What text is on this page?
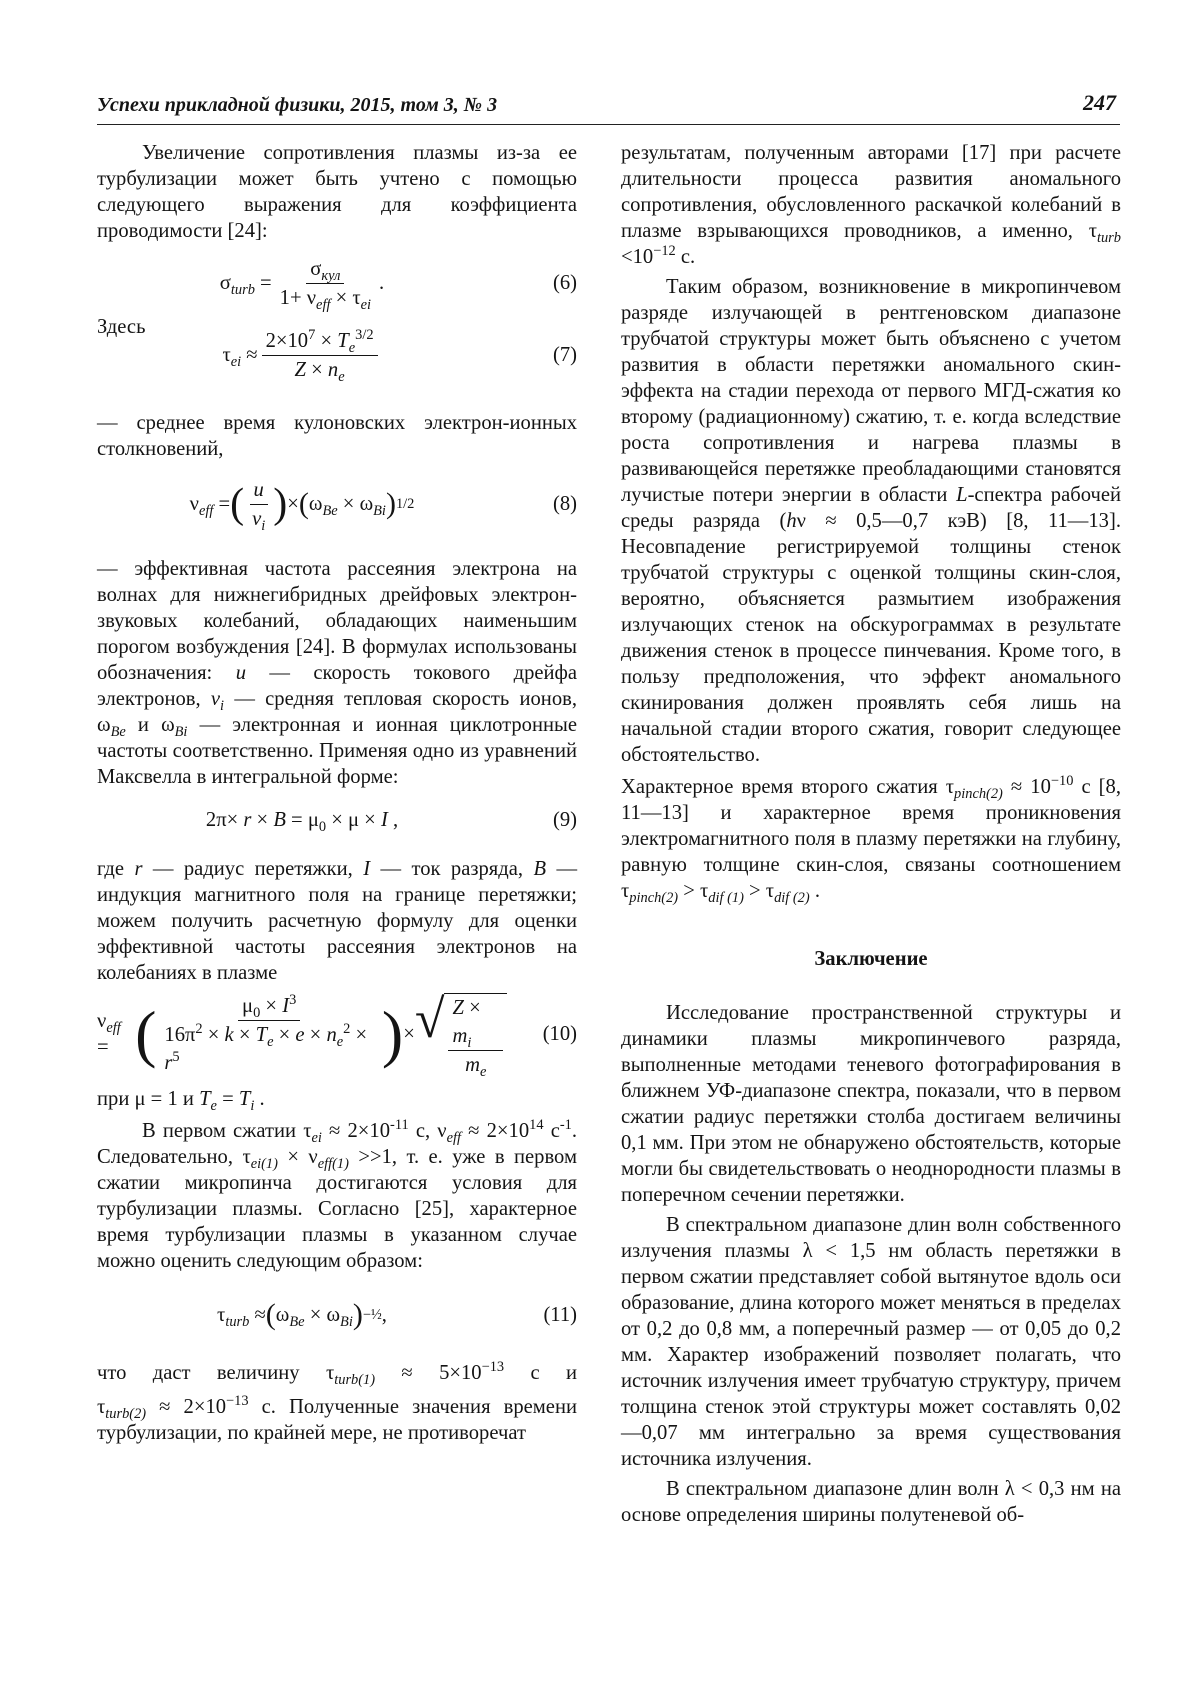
Успехи прикладной физики, 2015, том 3, № 3	247

Увеличение сопротивления плазмы из-за ее турбулизации может быть учтено с помощью следующего выражения для коэффициента проводимости [24]:

$\sigma_{turb} = \frac{\sigma_{кул}}{1+ \nu_{eff} \times \tau_{ei}}$ .	(6)

Здесь

$\tau_{ei} \approx \frac{2\times 10^7 \times T_e^{3/2}}{Z \times n_e}$	(7)

— среднее время кулоновских электрон-ионных столкновений,

$\nu_{eff}$ = ( $\frac{u}{v_i}$ ) × ( $\omega_{Be} \times \omega_{Bi}$ ) 1/2	(8)

— эффективная частота рассеяния электрона на волнах для нижнегибридных дрейфовых электрон-звуковых колебаний, обладающих наименьшим порогом возбуждения [24]. В формулах использованы обозначения: u — скорость токового дрейфа электронов, $v_i$ — средняя тепловая скорость ионов, $\omega_{Be}$ и $\omega_{Bi}$ — электронная и ионная циклотронные частоты соответственно. Применяя одно из уравнений Максвелла в интегральной форме:

$2\pi\times r \times B = \mu_0 \times \mu \times I$ ,	(9)

где r — радиус перетяжки, I — ток разряда, B — индукция магнитного поля на границе перетяжки; можем получить расчетную формулу для оценки эффективной частоты рассеяния электронов на колебаниях в плазме

$\nu_{eff}$ = ( $\frac{\mu_0 \times I^3}{16\pi^2 \times k \times T_e \times e \times n_e^2 \times r^5}$ ) × √ $\frac{Z \times m_i}{m_e} (10)$

при μ = 1 и $T_e = T_i$ .

В первом сжатии $\tau_{ei} \approx 2\times 10^{-11}$ с, $\nu_{eff} \approx 2\times 10^{14}$ $с^{-1}$. Следовательно, $\tau_{ei(1)} \times \nu_{eff(1)} >>1$, т. е. уже в первом сжатии микропинча достигаются условия для турбулизации плазмы. Согласно [25], характерное время турбулизации плазмы в указанном случае можно оценить следующим образом:

$\tau_{turb}$ ≈ ( $\omega_{Be} \times \omega_{Bi}$ ) −½ ,	(11)

что даст величину $\tau_{turb(1)} \approx 5\times 10^{-13}$ с и

$\tau_{turb(2)} \approx 2\times 10^{-13}$ с. Полученные значения времени турбулизации, по крайней мере, не противоречат

результатам, полученным авторами [17] при расчете длительности процесса развития аномального сопротивления, обусловленного раскачкой колебаний в плазме взрывающихся проводников, а именно, $\tau_{turb} <10^{-12}$ с.

Таким образом, возникновение в микропинчевом разряде излучающей в рентгеновском диапазоне трубчатой структуры может быть объяснено с учетом развития в области перетяжки аномального скин-эффекта на стадии перехода от первого МГД-сжатия ко второму (радиационному) сжатию, т. е. когда вследствие роста сопротивления и нагрева плазмы в развивающейся перетяжке преобладающими становятся лучистые потери энергии в области L-спектра рабочей среды разряда (hν ≈ 0,5—0,7 кэВ) [8, 11—13]. Несовпадение регистрируемой толщины стенок трубчатой структуры с оценкой толщины скин-слоя, вероятно, объясняется размытием изображения излучающих стенок на обскурограммах в результате движения стенок в процессе пинчевания. Кроме того, в пользу предположения, что эффект аномального скинирования должен проявлять себя лишь на начальной стадии второго сжатия, говорит следующее обстоятельство.

Характерное время второго сжатия $\tau_{pinch(2)} \approx 10^{-10}$ с [8, 11—13] и характерное время проникновения электромагнитного поля в плазму перетяжки на глубину, равную толщине скин-слоя, связаны соотношением $\tau_{pinch(2)} > \tau_{dif (1)} > \tau_{dif (2)}$ .

Заключение

Исследование пространственной структуры и динамики плазмы микропинчевого разряда, выполненные методами теневого фотографирования в ближнем УФ-диапазоне спектра, показали, что в первом сжатии радиус перетяжки столба достигаем величины 0,1 мм. При этом не обнаружено обстоятельств, которые могли бы свидетельствовать о неоднородности плазмы в поперечном сечении перетяжки.

В спектральном диапазоне длин волн собственного излучения плазмы λ < 1,5 нм область перетяжки в первом сжатии представляет собой вытянутое вдоль оси образование, длина которого может меняться в пределах от 0,2 до 0,8 мм, а поперечный размер — от 0,05 до 0,2 мм. Характер изображений позволяет полагать, что источник излучения имеет трубчатую структуру, причем толщина стенок этой структуры может составлять 0,02—0,07 мм интегрально за время существования источника излучения.

В спектральном диапазоне длин волн λ < 0,3 нм на основе определения ширины полутеневой об-
